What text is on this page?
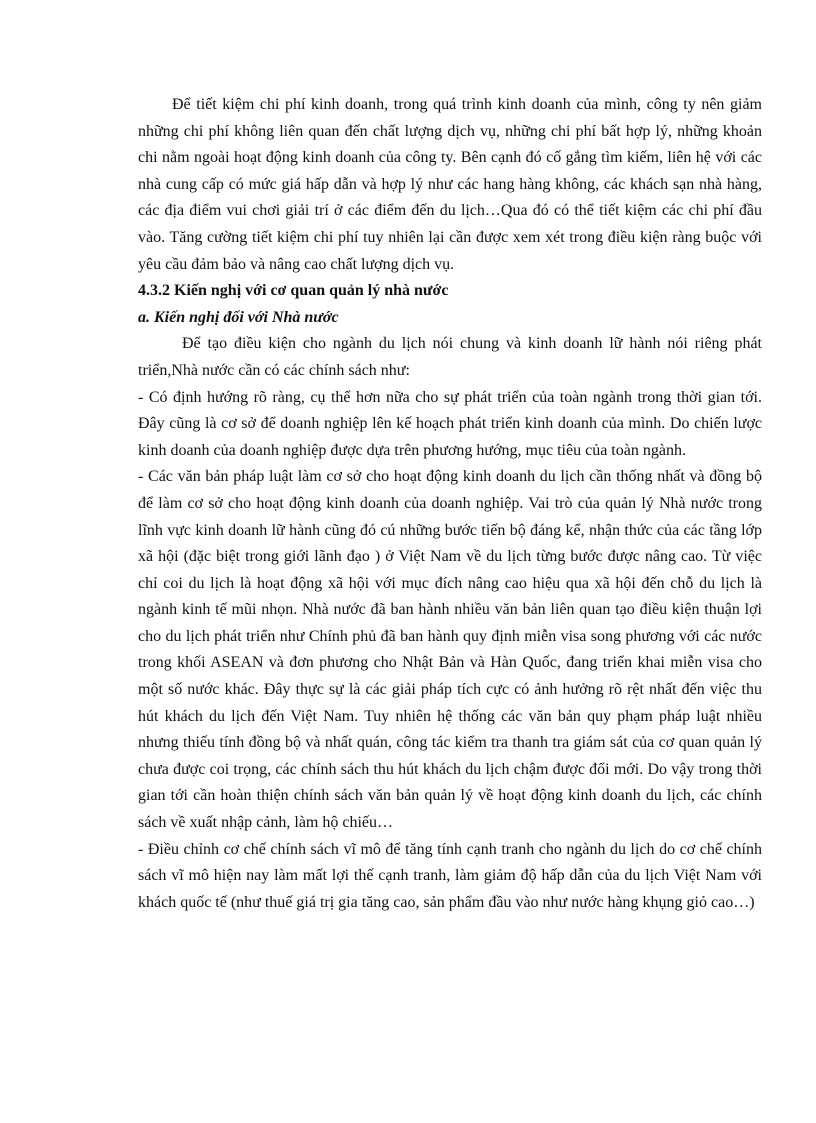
Để tiết kiệm chi phí kinh doanh, trong quá trình kinh doanh của mình, công ty nên giảm những chi phí không liên quan đến chất lượng dịch vụ, những chi phí bất hợp lý, những khoản chi nằm ngoài hoạt động kinh doanh của công ty. Bên cạnh đó cố gắng tìm kiếm, liên hệ với các nhà cung cấp có mức giá hấp dẫn và hợp lý như các hang hàng không, các khách sạn nhà hàng, các địa điểm vui chơi giải trí ở các điểm đến du lịch…Qua đó có thể tiết kiệm các chi phí đầu vào. Tăng cường tiết kiệm chi phí tuy nhiên lại cần được xem xét trong điều kiện ràng buộc với yêu cầu đảm bảo và nâng cao chất lượng dịch vụ.

4.3.2 Kiến nghị với cơ quan quản lý nhà nước

a. Kiến nghị đối với Nhà nước

Để tạo điều kiện cho ngành du lịch nói chung và kinh doanh lữ hành nói riêng phát triển,Nhà nước cần có các chính sách như:

- Có định hướng rõ ràng, cụ thể hơn nữa cho sự phát triển của toàn ngành trong thời gian tới. Đây cũng là cơ sở để doanh nghiệp lên kế hoạch phát triển kinh doanh của mình. Do chiến lược kinh doanh của doanh nghiệp được dựa trên phương hướng, mục tiêu của toàn ngành.

- Các văn bản pháp luật làm cơ sở cho hoạt động kinh doanh du lịch cần thống nhất và đồng bộ để làm cơ sở cho hoạt động kinh doanh của doanh nghiệp. Vai trò của quản lý Nhà nước trong lĩnh vực kinh doanh lữ hành cũng đó cú những bước tiến bộ đáng kể, nhận thức của các tầng lớp xã hội (đặc biệt trong giới lãnh đạo ) ở Việt Nam về du lịch từng bước được nâng cao. Từ việc chỉ coi du lịch là hoạt động xã hội với mục đích nâng cao hiệu qua xã hội đến chỗ du lịch là ngành kinh tế mũi nhọn. Nhà nước đã ban hành nhiều văn bản liên quan tạo điều kiện thuận lợi cho du lịch phát triển như Chính phủ đã ban hành quy định miễn visa song phương với các nước trong khối ASEAN và đơn phương cho Nhật Bản và Hàn Quốc, đang triển khai miễn visa cho một số nước khác. Đây thực sự là các giải pháp tích cực có ảnh hưởng rõ rệt nhất đến việc thu hút khách du lịch đến Việt Nam. Tuy nhiên hệ thống các văn bản quy phạm pháp luật nhiều nhưng thiếu tính đồng bộ và nhất quán, công tác kiểm tra thanh tra giám sát của cơ quan quản lý chưa được coi trọng, các chính sách thu hút khách du lịch chậm được đổi mới. Do vậy trong thời gian tới cần hoàn thiện chính sách văn bản quản lý về hoạt động kinh doanh du lịch, các chính sách về xuất nhập cảnh, làm hộ chiếu…

- Điều chỉnh cơ chế chính sách vĩ mô để tăng tính cạnh tranh cho ngành du lịch do cơ chế chính sách vĩ mô hiện nay làm mất lợi thế cạnh tranh, làm giảm độ hấp dẫn của du lịch Việt Nam với khách quốc tế (như thuế giá trị gia tăng cao, sản phẩm đầu vào như nước hàng khụng giỏ cao…)
